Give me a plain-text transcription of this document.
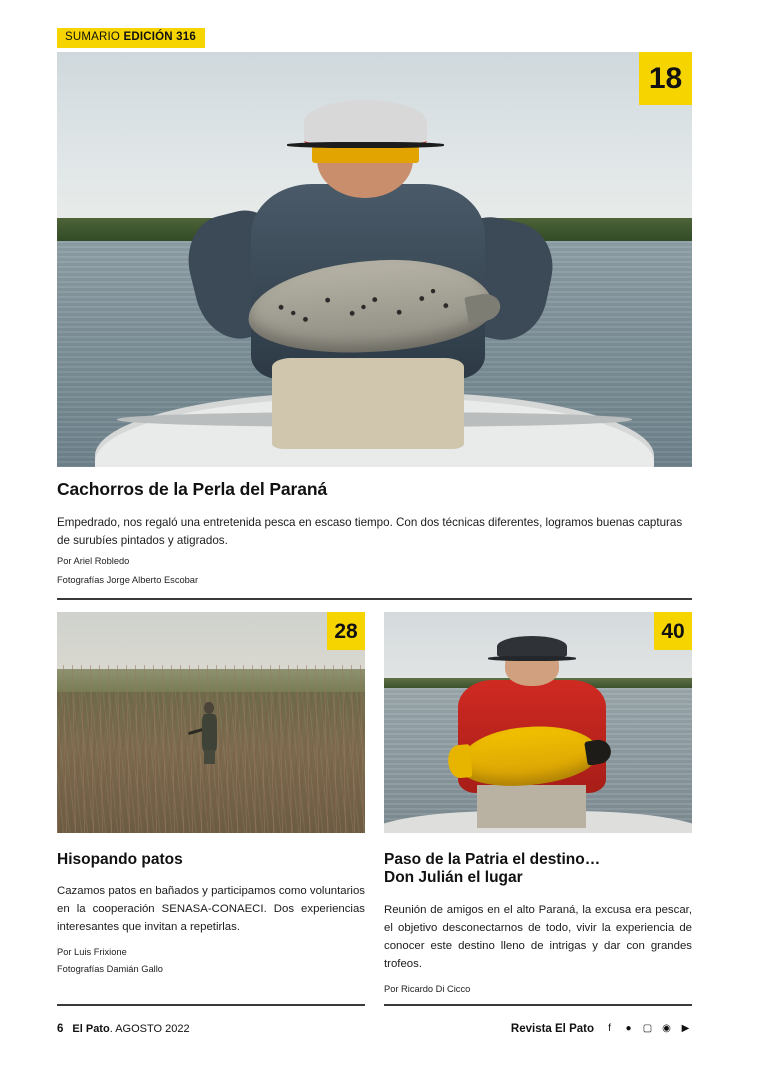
SUMARIO EDICIÓN 316
18
Cachorros de la Perla del Paraná

Empedrado, nos regaló una entretenida pesca en escaso tiempo. Con dos técnicas diferentes, logramos buenas capturas de surubíes pintados y atigrados.

Por Ariel Robledo
Fotografías Jorge Alberto Escobar
28
Hisopando patos

Cazamos patos en bañados y participamos como voluntarios en la cooperación SENASA-CONAECI. Dos experiencias interesantes que invitan a repetirlas.

Por Luis Frixione
Fotografías Damián Gallo
40
Paso de la Patria el destino…
Don Julián el lugar

Reunión de amigos en el alto Paraná, la excusa era pescar, el objetivo desconectarnos de todo, vivir la experiencia de conocer este destino lleno de intrigas y dar con grandes trofeos.

Por Ricardo Di Cicco
6 El Pato. AGOSTO 2022	Revista El Pato	f	●	▢ ◉ ▶
